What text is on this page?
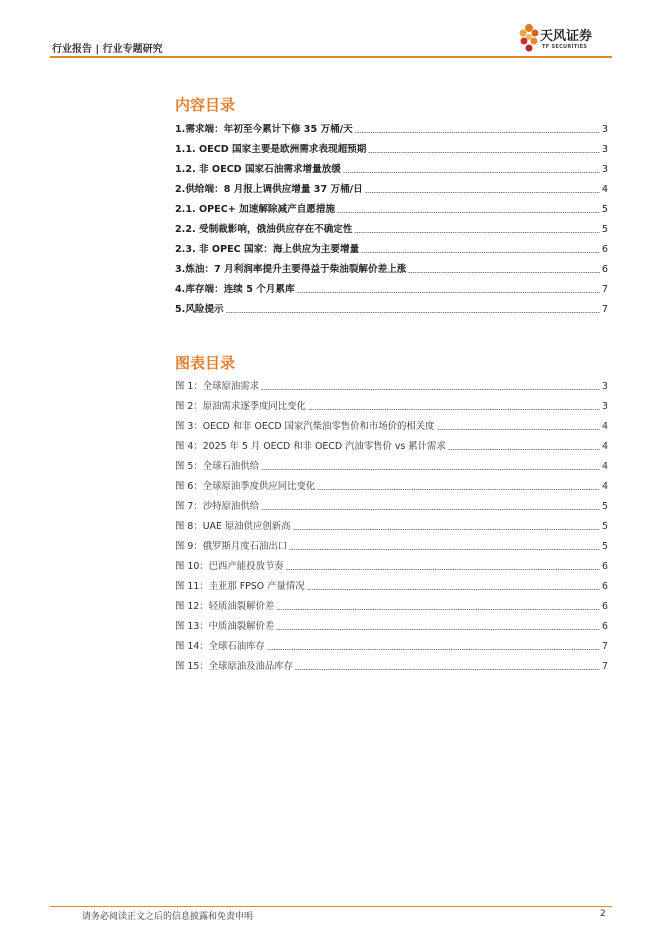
行业报告 | 行业专题研究
天风证券
TF SECURITIES
内容目录
1.需求端：年初至今累计下修 35 万桶/天	3
1.1. OECD 国家主要是欧洲需求表现超预期	3
1.2. 非 OECD 国家石油需求增量放缓	3
2.供给端：8 月报上调供应增量 37 万桶/日	4
2.1. OPEC+ 加速解除减产自愿措施	5
2.2. 受制裁影响，俄油供应存在不确定性	5
2.3. 非 OPEC 国家：海上供应为主要增量	6
3.炼油：7 月利润率提升主要得益于柴油裂解价差上涨	6
4.库存端：连续 5 个月累库	7
5.风险提示	7
图表目录
图 1：全球原油需求	3
图 2：原油需求逐季度同比变化	3
图 3：OECD 和非 OECD 国家汽柴油零售价和市场价的相关度	4
图 4：2025 年 5 月 OECD 和非 OECD 汽油零售价 vs 累计需求	4
图 5：全球石油供给	4
图 6：全球原油季度供应同比变化	4
图 7：沙特原油供给	5
图 8：UAE 原油供应创新高	5
图 9：俄罗斯月度石油出口	5
图 10：巴西产能投放节奏	6
图 11：圭亚那 FPSO 产量情况	6
图 12：轻质油裂解价差	6
图 13：中质油裂解价差	6
图 14：全球石油库存	7
图 15：全球原油及油品库存	7
请务必阅读正文之后的信息披露和免责申明	2
